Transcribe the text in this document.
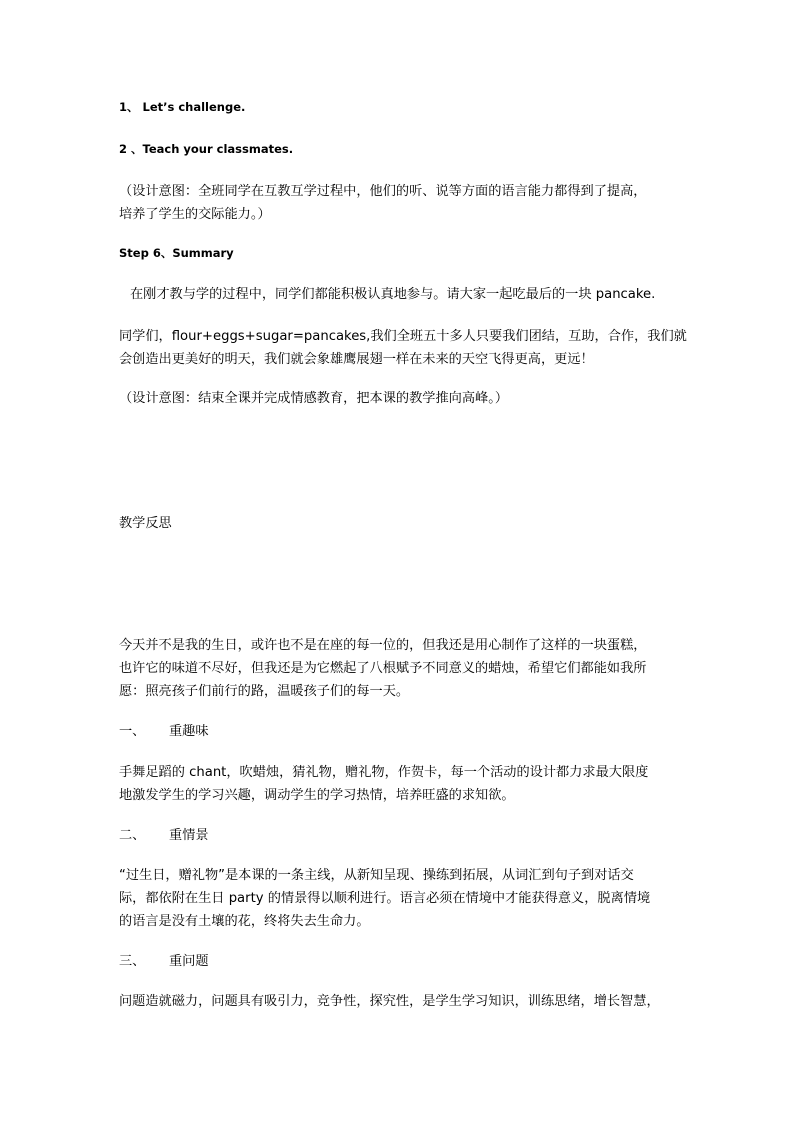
1、 Let’s challenge.
2 、Teach your classmates.
（设计意图：全班同学在互教互学过程中，他们的听、说等方面的语言能力都得到了提高，
培养了学生的交际能力。）
Step 6、Summary
在刚才教与学的过程中，同学们都能积极认真地参与。请大家一起吃最后的一块 pancake.
同学们，flour+eggs+sugar=pancakes,我们全班五十多人只要我们团结，互助，合作，我们就
会创造出更美好的明天，我们就会象雄鹰展翅一样在未来的天空飞得更高，更远！
（设计意图：结束全课并完成情感教育，把本课的教学推向高峰。）
教学反思
今天并不是我的生日，或许也不是在座的每一位的，但我还是用心制作了这样的一块蛋糕，
也许它的味道不尽好，但我还是为它燃起了八根赋予不同意义的蜡烛，希望它们都能如我所
愿：照亮孩子们前行的路，温暖孩子们的每一天。
一、 重趣味
手舞足蹈的 chant，吹蜡烛，猜礼物，赠礼物，作贺卡，每一个活动的设计都力求最大限度
地激发学生的学习兴趣，调动学生的学习热情，培养旺盛的求知欲。
二、 重情景
“过生日，赠礼物”是本课的一条主线，从新知呈现、操练到拓展，从词汇到句子到对话交
际，都依附在生日 party 的情景得以顺利进行。语言必须在情境中才能获得意义，脱离情境
的语言是没有土壤的花，终将失去生命力。
三、 重问题
问题造就磁力，问题具有吸引力，竞争性，探究性，是学生学习知识，训练思绪，增长智慧，
